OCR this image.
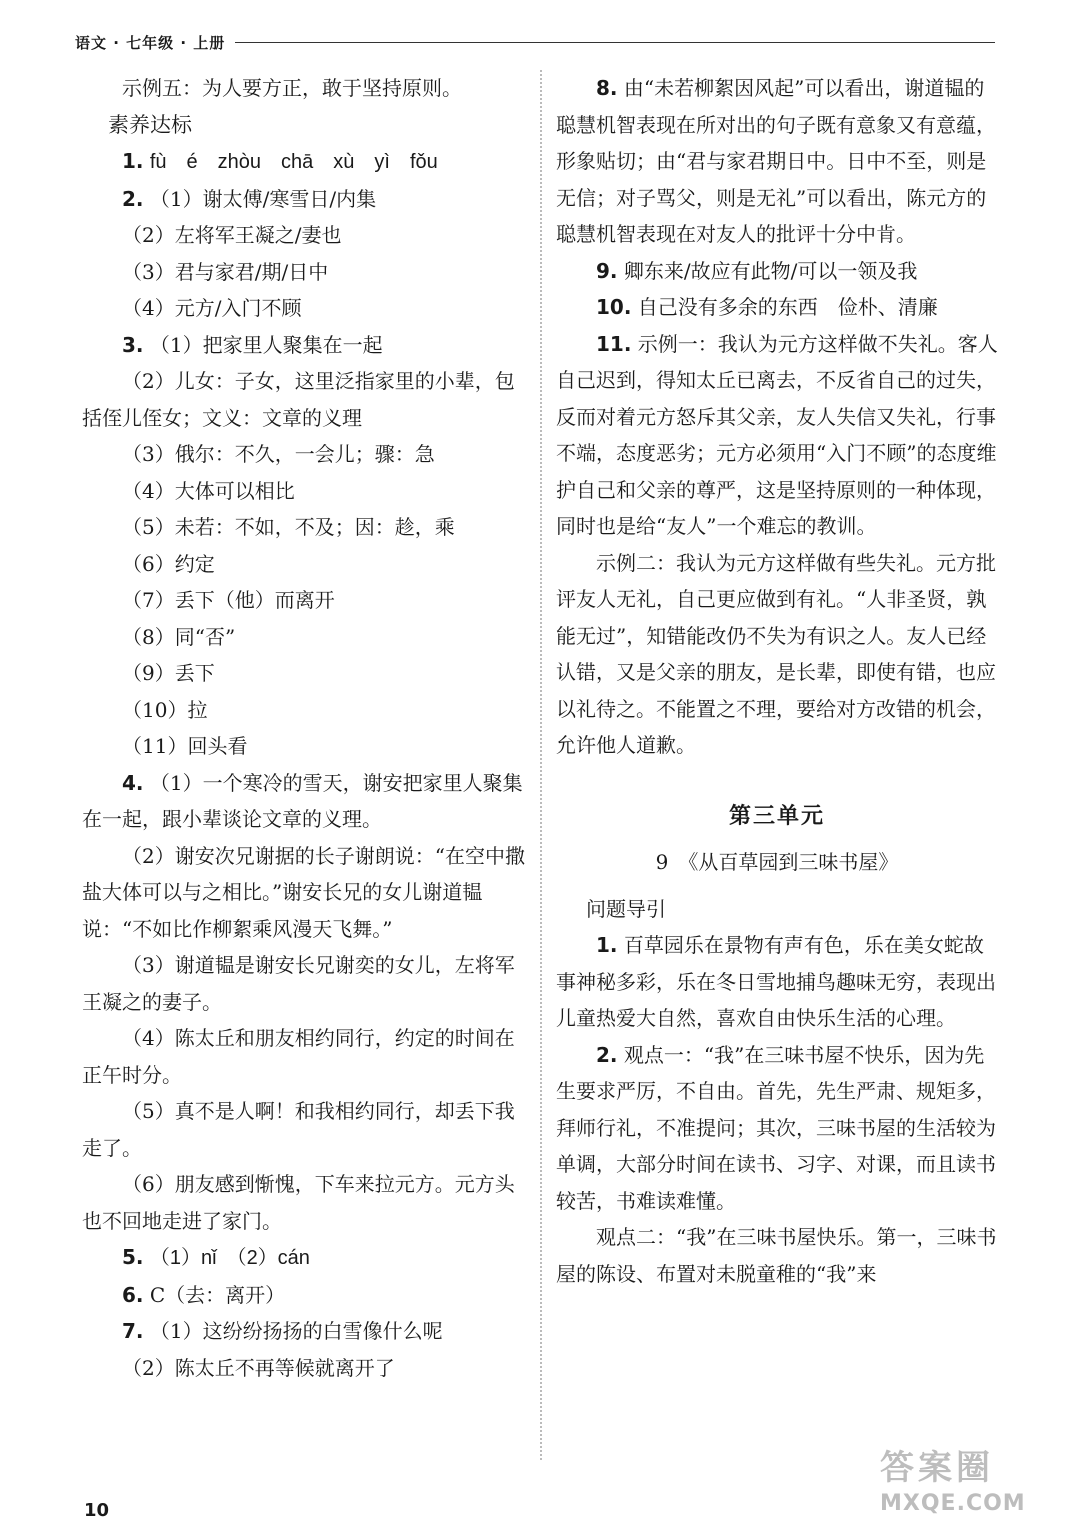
语文 · 七年级 · 上册

示例五：为人要方正，敢于坚持原则。

素养达标

1. fù　é　zhòu　chā　xù　yì　fǒu

2. （1）谢太傅/寒雪日/内集

（2）左将军王凝之/妻也

（3）君与家君/期/日中

（4）元方/入门不顾

3. （1）把家里人聚集在一起

（2）儿女：子女，这里泛指家里的小辈，包括侄儿侄女；文义：文章的义理

（3）俄尔：不久，一会儿；骤：急

（4）大体可以相比

（5）未若：不如，不及；因：趁，乘

（6）约定

（7）丢下（他）而离开

（8）同“否”

（9）丢下

（10）拉

（11）回头看

4. （1）一个寒冷的雪天，谢安把家里人聚集在一起，跟小辈谈论文章的义理。

（2）谢安次兄谢据的长子谢朗说：“在空中撒盐大体可以与之相比。”谢安长兄的女儿谢道韫说：“不如比作柳絮乘风漫天飞舞。”

（3）谢道韫是谢安长兄谢奕的女儿，左将军王凝之的妻子。

（4）陈太丘和朋友相约同行，约定的时间在正午时分。

（5）真不是人啊！和我相约同行，却丢下我走了。

（6）朋友感到惭愧，下车来拉元方。元方头也不回地走进了家门。

5. （1）nǐ　（2）cán

6. C（去：离开）

7. （1）这纷纷扬扬的白雪像什么呢

（2）陈太丘不再等候就离开了

8. 由“未若柳絮因风起”可以看出，谢道韫的聪慧机智表现在所对出的句子既有意象又有意蕴，形象贴切；由“君与家君期日中。日中不至，则是无信；对子骂父，则是无礼”可以看出，陈元方的聪慧机智表现在对友人的批评十分中肯。

9. 卿东来/故应有此物/可以一领及我

10. 自己没有多余的东西　俭朴、清廉

11. 示例一：我认为元方这样做不失礼。客人自己迟到，得知太丘已离去，不反省自己的过失，反而对着元方怒斥其父亲，友人失信又失礼，行事不端，态度恶劣；元方必须用“入门不顾”的态度维护自己和父亲的尊严，这是坚持原则的一种体现，同时也是给“友人”一个难忘的教训。

示例二：我认为元方这样做有些失礼。元方批评友人无礼，自己更应做到有礼。“人非圣贤，孰能无过”，知错能改仍不失为有识之人。友人已经认错，又是父亲的朋友，是长辈，即使有错，也应以礼待之。不能置之不理，要给对方改错的机会，允许他人道歉。

第三单元

9　《从百草园到三味书屋》

问题导引

1. 百草园乐在景物有声有色，乐在美女蛇故事神秘多彩，乐在冬日雪地捕鸟趣味无穷，表现出儿童热爱大自然，喜欢自由快乐生活的心理。

2. 观点一：“我”在三味书屋不快乐，因为先生要求严厉，不自由。首先，先生严肃、规矩多，拜师行礼，不准提问；其次，三味书屋的生活较为单调，大部分时间在读书、习字、对课，而且读书较苦，书难读难懂。

观点二：“我”在三味书屋快乐。第一，三味书屋的陈设、布置对未脱童稚的“我”来

10
答案圈
MXQE.COM
